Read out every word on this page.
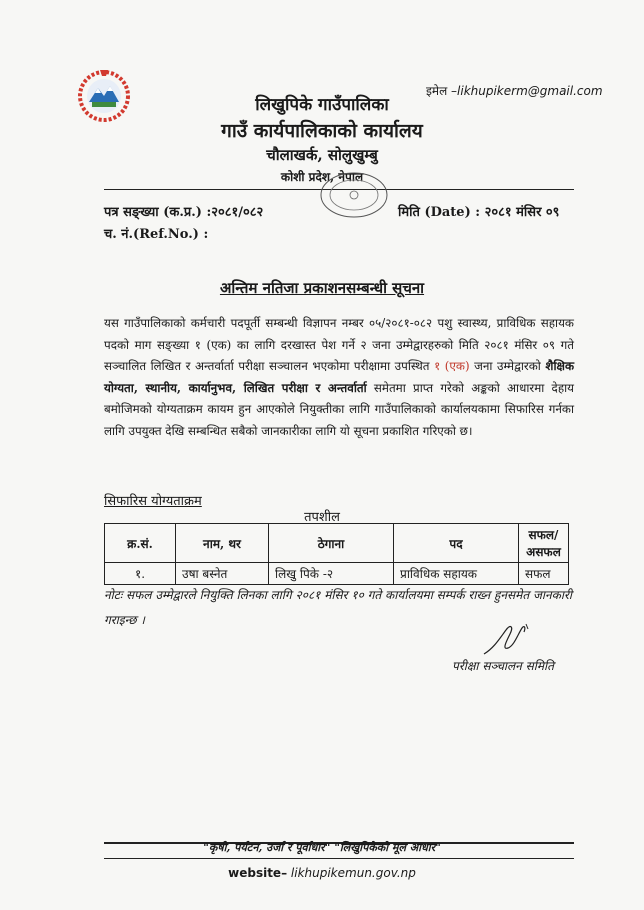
इमेल –likhupikerm@gmail.com
लिखुपिके गाउँपालिका
गाउँ कार्यपालिकाको कार्यालय
चौलाखर्क, सोलुखुम्बु
कोशी प्रदेश, नेपाल
पत्र सङ्ख्या (क.प्र.) :२०८१/०८२
च. नं.(Ref.No.) :
मिति (Date) : २०८१ मंसिर ०९
अन्तिम नतिजा प्रकाशनसम्बन्धी सूचना
यस गाउँपालिकाको कर्मचारी पदपूर्ती सम्बन्धी विज्ञापन नम्बर ०५/२०८१-०८२ पशु स्वास्थ्य, प्राविधिक सहायक पदको माग सङ्ख्या १ (एक) का लागि दरखास्त पेश गर्ने २ जना उम्मेद्वारहरुको मिति २०८१ मंसिर ०९ गते सञ्चालित लिखित र अन्तर्वार्ता परीक्षा सञ्चालन भएकोमा परीक्षामा उपस्थित १ (एक) जना उम्मेद्वारको शैक्षिक योग्यता, स्थानीय, कार्यानुभव, लिखित परीक्षा र अन्तर्वार्ता समेतमा प्राप्त गरेको अङ्कको आधारमा देहाय बमोजिमको योग्यताक्रम कायम हुन आएकोले नियुक्तीका लागि गाउँपालिकाको कार्यालयकामा सिफारिस गर्नका लागि उपयुक्त देखि सम्बन्धित सबैको जानकारीका लागि यो सूचना प्रकाशित गरिएको छ।
सिफारिस योग्यताक्रम
तपशील
क्र.सं.	नाम, थर	ठेगाना	पद	सफल/असफल
१.	उषा बस्नेत	लिखु पिके -२	प्राविधिक सहायक	सफल
नोटः सफल उम्मेद्वारले नियुक्ति लिनका लागि २०८१ मंसिर १० गते कार्यालयमा सम्पर्क राख्न हुनसमेत जानकारी गराइन्छ ।
परीक्षा सञ्चालन समिति
"कृषी, पर्यटन, उर्जा र पूर्वाधार" "लिखुपिकेको मूल आधार"
website– likhupikemun.gov.np
